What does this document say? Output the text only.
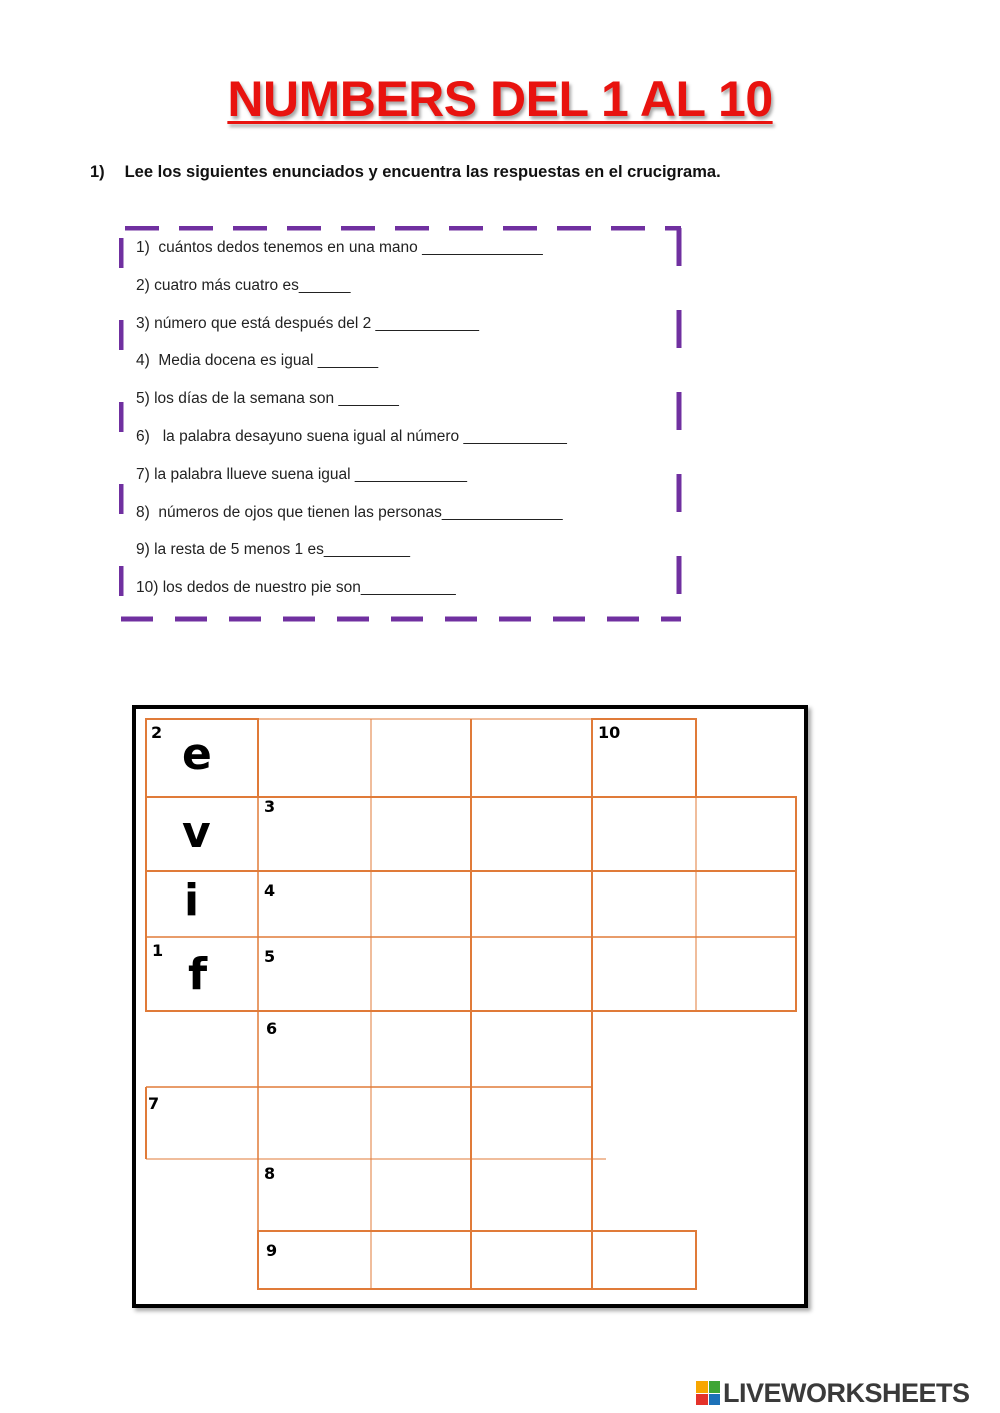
NUMBERS DEL 1 AL 10

1) Lee los siguientes enunciados y encuentra las respuestas en el crucigrama.

1)  cuántos dedos tenemos en una mano ______________
2) cuatro más cuatro es______
3) número que está después del 2 ____________
4)  Media docena es igual _______
5) los días de la semana son _______
6)   la palabra desayuno suena igual al número ____________
7) la palabra llueve suena igual _____________
8)  números de ojos que tienen las personas______________
9) la resta de 5 menos 1 es__________
10) los dedos de nuestro pie son___________
2	10
3
4
1	5
6
7
8
9
e
v
i
f
LIVEWORKSHEETS
